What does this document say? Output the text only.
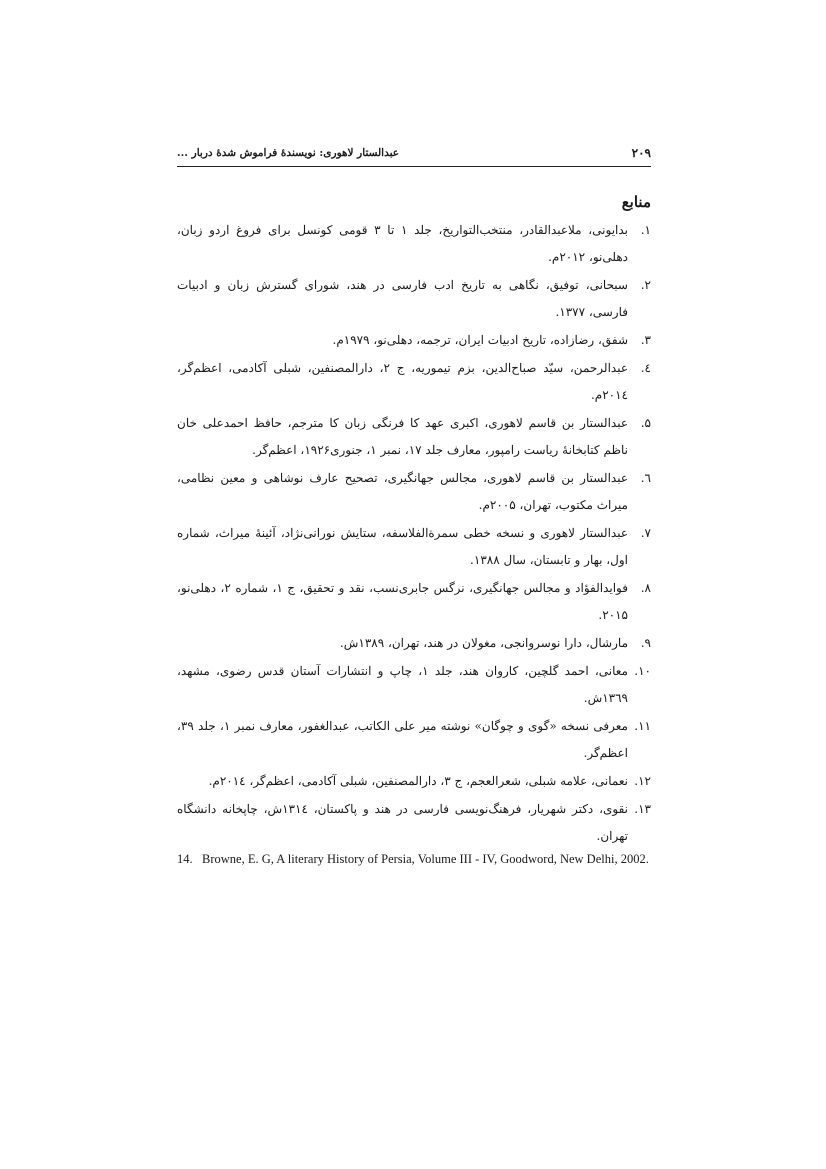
۲۰۹
عبدالستار لاهوری: نویسندهٔ فراموش شدهٔ دربار ...
منابع
۱.
بدایونی، ملاعبدالقادر، منتخب‌التواریخ، جلد ۱ تا ۳ قومی کونسل برای فروغ اردو زبان، دهلی‌نو، ۲۰۱۲م.
۲.
سبحانی، توفیق، نگاهی به تاریخ ادب فارسی در هند، شورای گسترش زبان و ادبیات فارسی، ۱۳۷۷.
۳.
شفق، رضازاده، تاریخ ادبیات ایران، ترجمه، دهلی‌نو، ۱۹۷۹م.
٤.
عبدالرحمن، سیّد صباح‌الدین، بزم تیموریه، ج ۲، دارالمصنفین، شبلی آکادمی، اعظم‌گر، ۲۰۱٤م.
۵.
عبدالستار بن قاسم لاهوری، اکبری عهد کا فرنگی زبان کا مترجم، حافظ احمدعلی خان ناظم کتابخانهٔ ریاست رامپور، معارف جلد ۱۷، نمبر ۱، جنوری۱۹۲۶، اعظم‌گر.
٦.
عبدالستار بن قاسم لاهوری، مجالس جهانگیری، تصحیح عارف نوشاهی و معین نظامی، میراث مکتوب، تهران، ۲۰۰۵م.
۷.
عبدالستار لاهوری و نسخه خطی سمرةالفلاسفه، ستایش نورانی‌نژاد، آئینهٔ میراث، شماره اول، بهار و تابستان، سال ۱۳۸۸.
۸.
فوایدالفؤاد و مجالس جهانگیری، نرگس جابری‌نسب، نقد و تحقیق، ج ۱، شماره ۲، دهلی‌نو، ۲۰۱۵.
۹.
مارشال، دارا نوسروانجی، مغولان در هند، تهران، ۱۳۸۹ش.
۱۰.
معانی، احمد گلچین، کاروان هند، جلد ۱، چاپ و انتشارات آستان قدس رضوی، مشهد، ۱۳٦۹ش.
۱۱.
معرفی نسخه «گوی و چوگان» نوشته میر علی الکاتب، عبدالغفور، معارف نمبر ۱، جلد ۳۹، اعظم‌گر.
۱۲.
نعمانی، علامه شبلی، شعرالعجم، ج ۳، دارالمصنفین، شبلی آکادمی، اعظم‌گر، ۲۰۱٤م.
۱۳.
نقوی، دکتر شهریار، فرهنگ‌نویسی فارسی در هند و پاکستان، ۱۳۱٤ش، چاپخانه دانشگاه تهران.
14. Browne, E. G, A literary History of Persia, Volume III - IV, Goodword, New Delhi, 2002.
